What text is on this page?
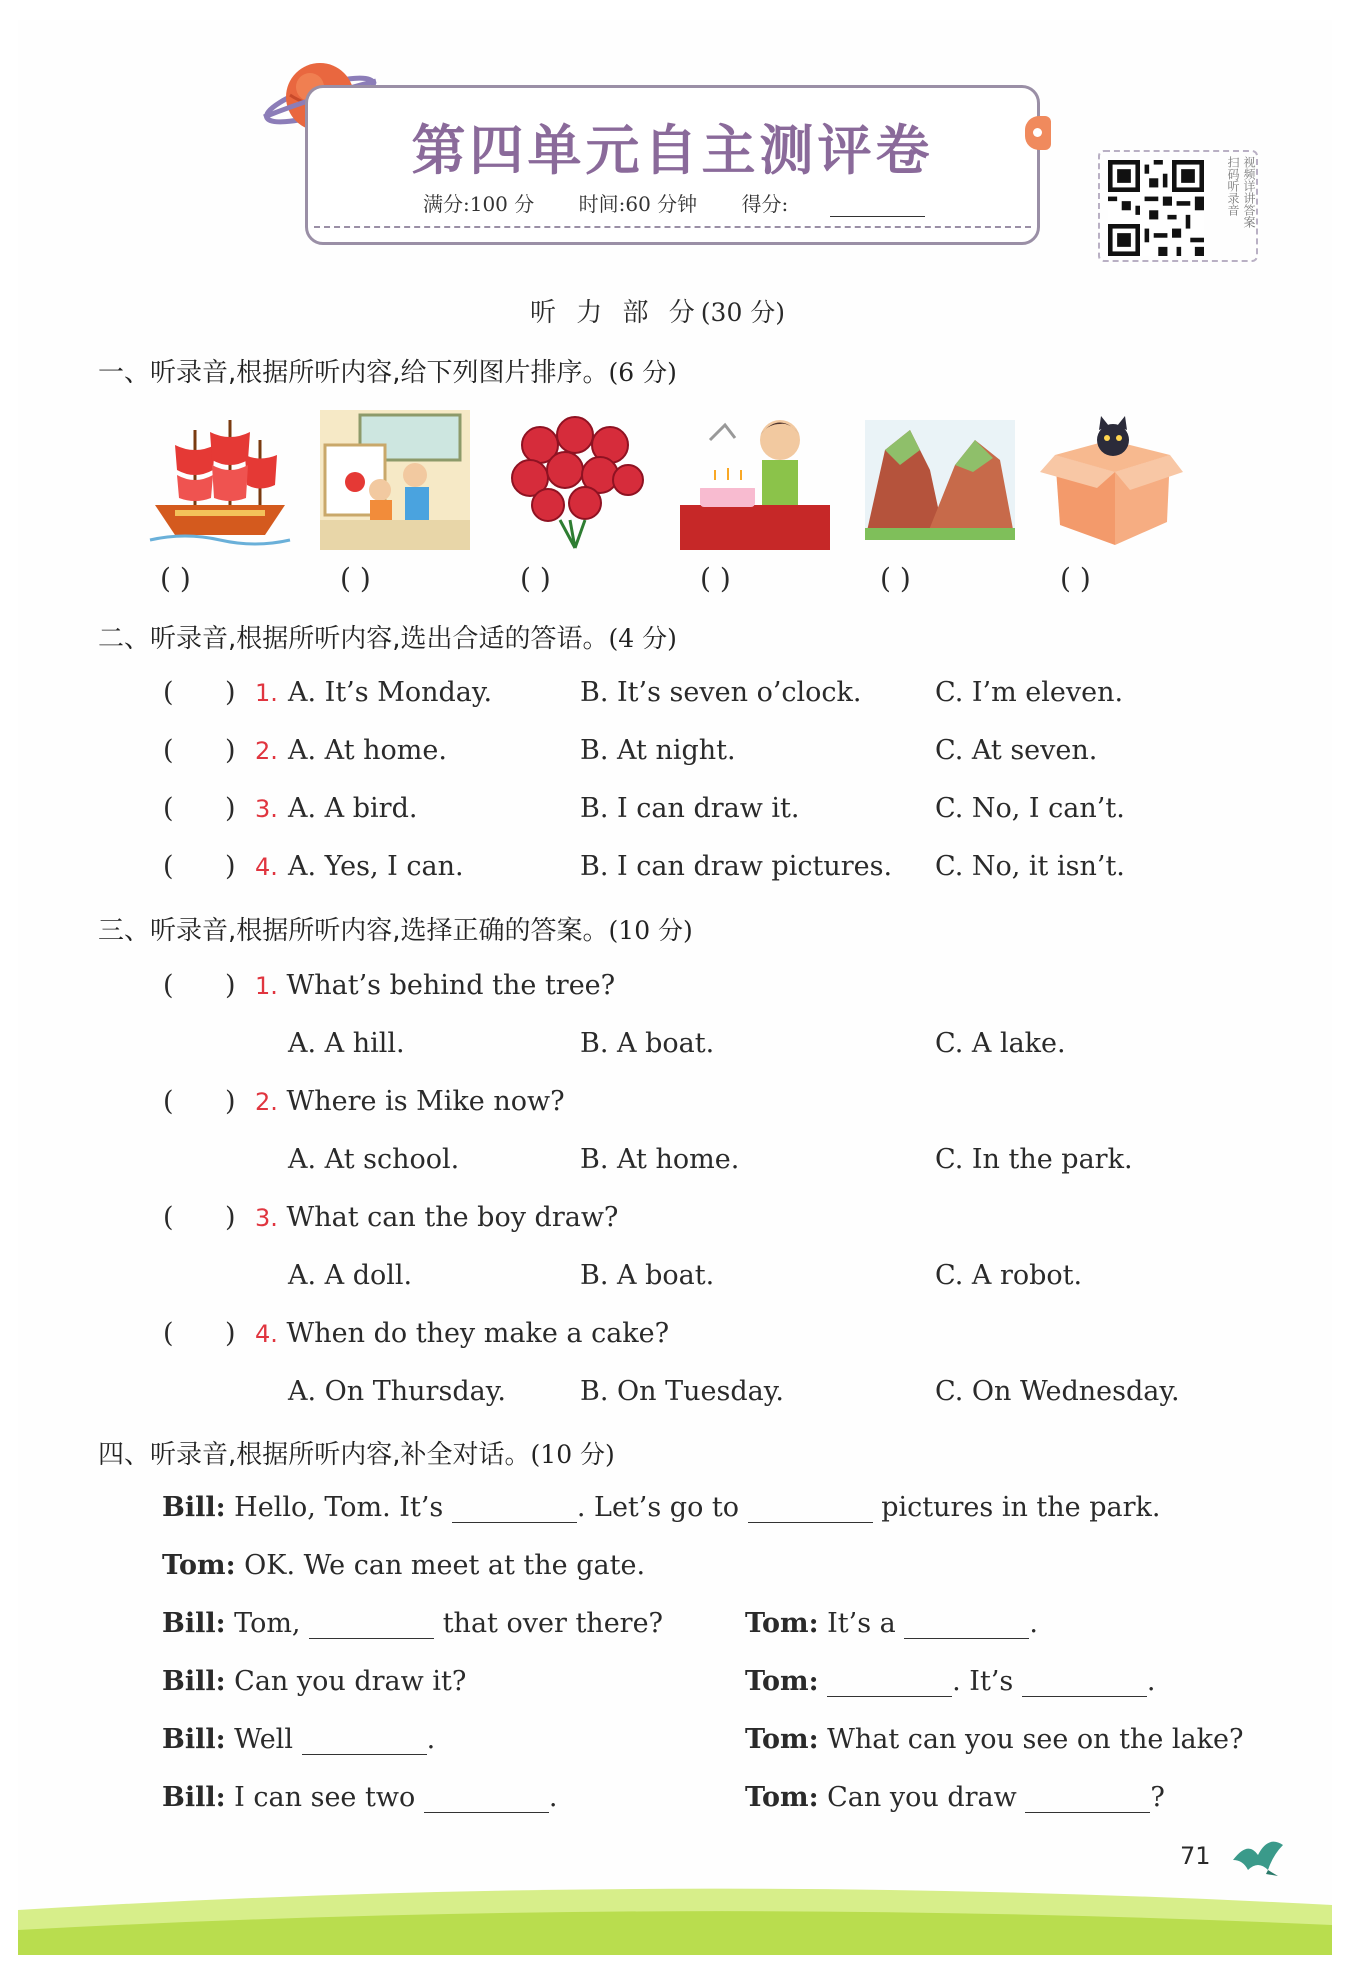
第四单元自主测评卷
满分:100 分 时间:60 分钟 得分:
视频详讲答案
扫码听录音
听 力 部 分(30 分)
一、听录音,根据所听内容,给下列图片排序。(6 分)
( )	( )	( )	( )	( )	( )
二、听录音,根据所听内容,选出合适的答语。(4 分)
(      ) 1. A. It’s Monday.	B. It’s seven o’clock.	C. I’m eleven.
(      ) 2. A. At home.	B. At night.	C. At seven.
(      ) 3. A. A bird.	B. I can draw it.	C. No, I can’t.
(      ) 4. A. Yes, I can.	B. I can draw pictures. C. No, it isn’t.
三、听录音,根据所听内容,选择正确的答案。(10 分)
(      ) 1. What’s behind the tree?
A. A hill.	B. A boat.	C. A lake.
(      ) 2. Where is Mike now?
A. At school.	B. At home.	C. In the park.
(      ) 3. What can the boy draw?
A. A doll.	B. A boat.	C. A robot.
(      ) 4. When do they make a cake?
A. On Thursday.	B. On Tuesday.	C. On Wednesday.
四、听录音,根据所听内容,补全对话。(10 分)
Bill: Hello, Tom. It’s	. Let’s go to	pictures in the park.
Tom: OK. We can meet at the gate.
Bill: Tom,	that over there?	Tom: It’s a	.
Bill: Can you draw it?	Tom:	. It’s	.
Bill: Well	.	Tom: What can you see on the lake?
Bill: I can see two	.	Tom: Can you draw	?
71
